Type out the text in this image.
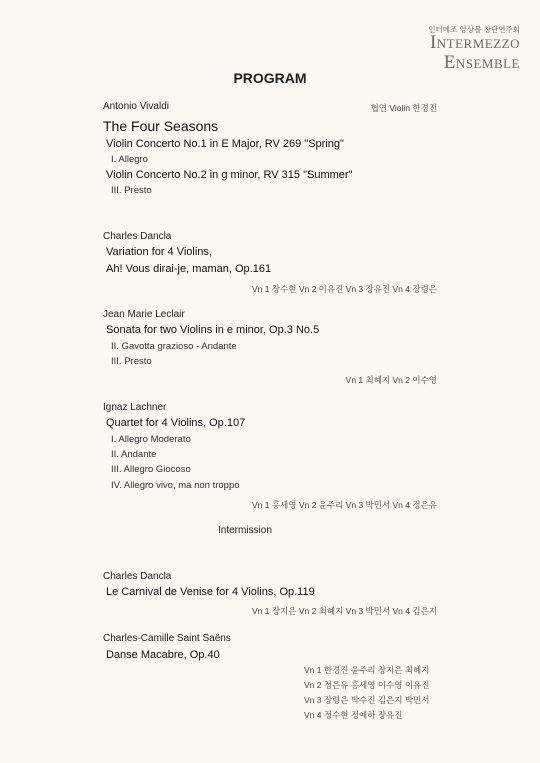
인터메조 앙상블 창단연주회
Intermezzo
Ensemble
PROGRAM
Antonio Vivaldi	협연 Violin 한경진
The Four Seasons
Violin Concerto No.1 in E Major, RV 269 "Spring"
I. Allegro
Violin Concerto No.2 in g minor, RV 315 "Summer"
III. Presto
Charles Dancla
Variation for 4 Violins,
Ah! Vous dirai-je, maman, Op.161
Vn 1 장수현 Vn 2 이유진 Vn 3 장유진 Vn 4 장령은
Jean Marie Leclair
Sonata for two Violins in e minor, Op.3 No.5
II. Gavotta grazioso - Andante
III. Presto
Vn 1 최혜지 Vn 2 이수영
Ignaz Lachner
Quartet for 4 Violins, Op.107
I. Allegro Moderato
II. Andante
III. Allegro Giocoso
IV. Allegro vivo, ma non troppo
Vn 1 홍세영 Vn 2 윤주리 Vn 3 박민서 Vn 4 정은유
Intermission
Charles Dancla
Le Carnival de Venise for 4 Violins, Op.119
Vn 1 장지은 Vn 2 최혜지 Vn 3 박민서 Vn 4 김은지
Charles-Camille Saint Saëns
Danse Macabre, Op.40
Vn 1 한경진 윤주리 장지은 최혜지
Vn 2 정은유 홍세영 이수영 이유진
Vn 3 장령은 박수진 김은지 박민서
Vn 4 정수현 정예하 장유진
